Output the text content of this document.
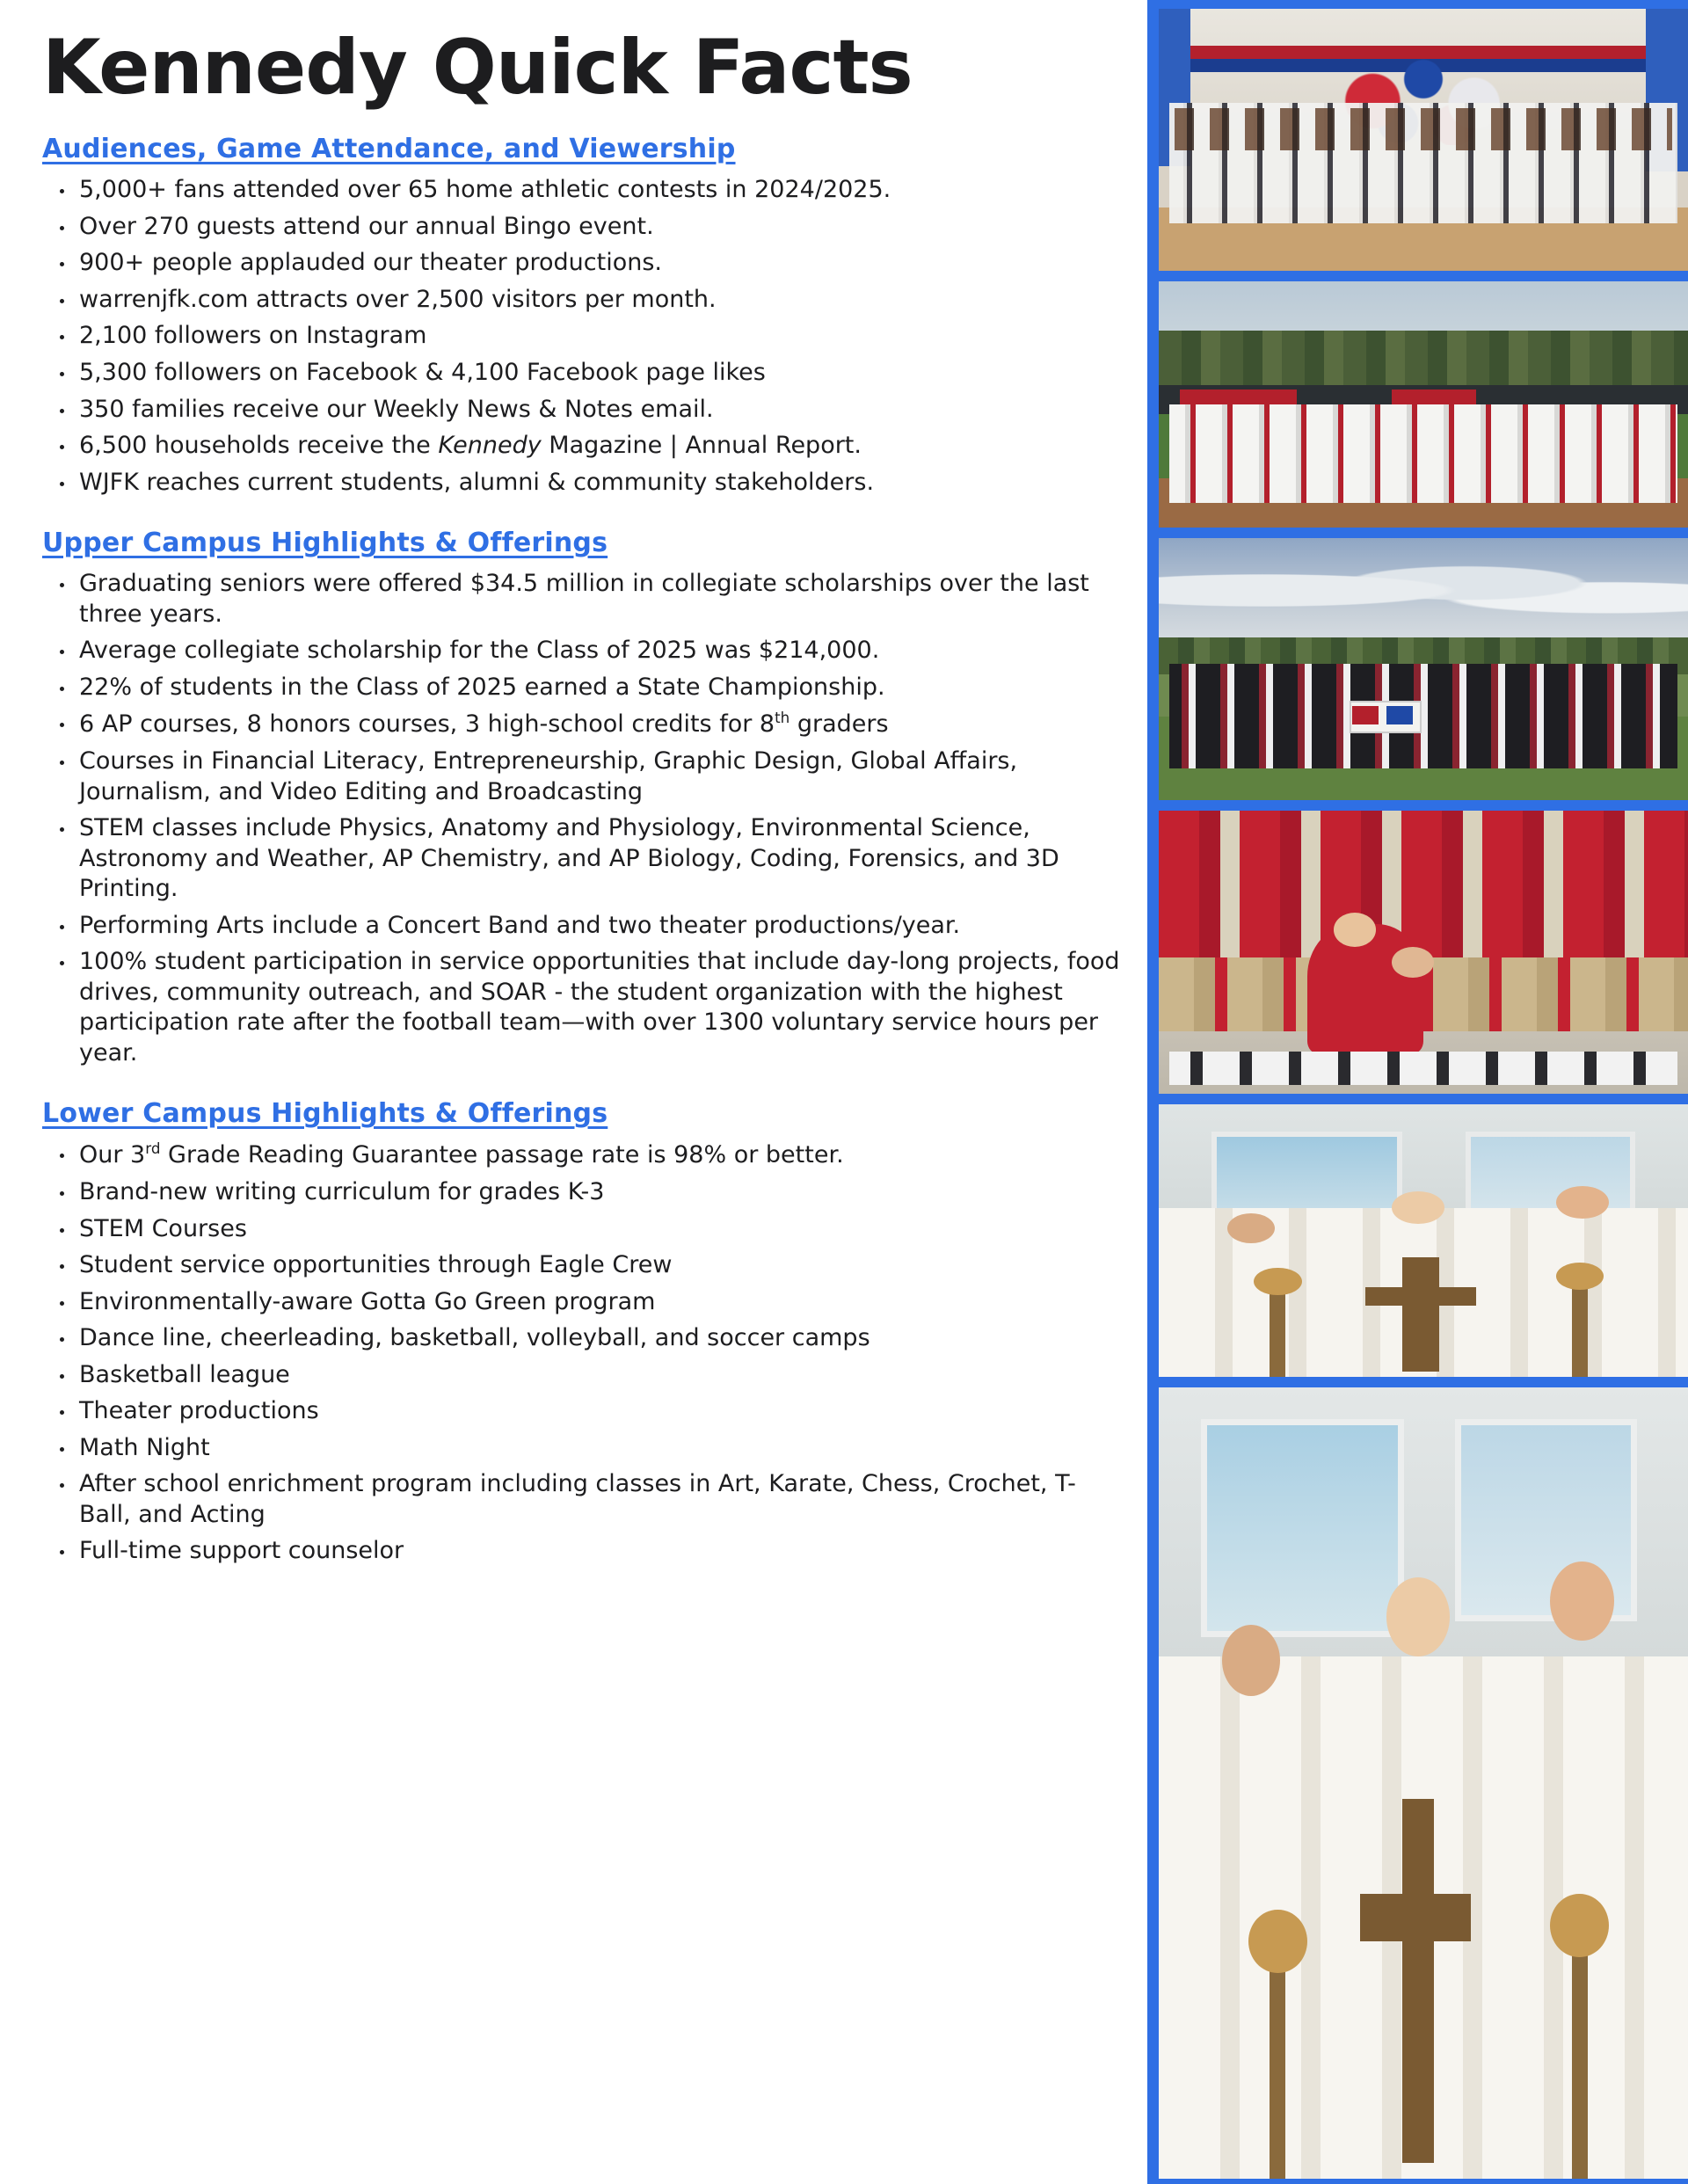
Kennedy Quick Facts
Audiences, Game Attendance, and Viewership
5,000+ fans attended over 65 home athletic contests in 2024/2025.
Over 270 guests attend our annual Bingo event.
900+ people applauded our theater productions.
warrenjfk.com attracts over 2,500 visitors per month.
2,100 followers on Instagram
5,300 followers on Facebook & 4,100 Facebook page likes
350 families receive our Weekly News & Notes email.
6,500 households receive the Kennedy Magazine | Annual Report.
WJFK reaches current students, alumni & community stakeholders.
Upper Campus Highlights & Offerings
Graduating seniors were offered $34.5 million in collegiate scholarships over the last three years.
Average collegiate scholarship for the Class of 2025 was $214,000.
22% of students in the Class of 2025 earned a State Championship.
6 AP courses, 8 honors courses, 3 high-school credits for 8th graders
Courses in Financial Literacy, Entrepreneurship, Graphic Design, Global Affairs, Journalism, and Video Editing and Broadcasting
STEM classes include Physics, Anatomy and Physiology, Environmental Science, Astronomy and Weather, AP Chemistry, and AP Biology, Coding, Forensics, and 3D Printing.
Performing Arts include a Concert Band and two theater productions/year.
100% student participation in service opportunities that include day-long projects, food drives, community outreach, and SOAR - the student organization with the highest participation rate after the football team—with over 1300 voluntary service hours per year.
Lower Campus Highlights & Offerings
Our 3rd Grade Reading Guarantee passage rate is 98% or better.
Brand-new writing curriculum for grades K-3
STEM Courses
Student service opportunities through Eagle Crew
Environmentally-aware Gotta Go Green program
Dance line, cheerleading, basketball, volleyball, and soccer camps
Basketball league
Theater productions
Math Night
After school enrichment program including classes in Art, Karate, Chess, Crochet, T-Ball, and Acting
Full-time support counselor
